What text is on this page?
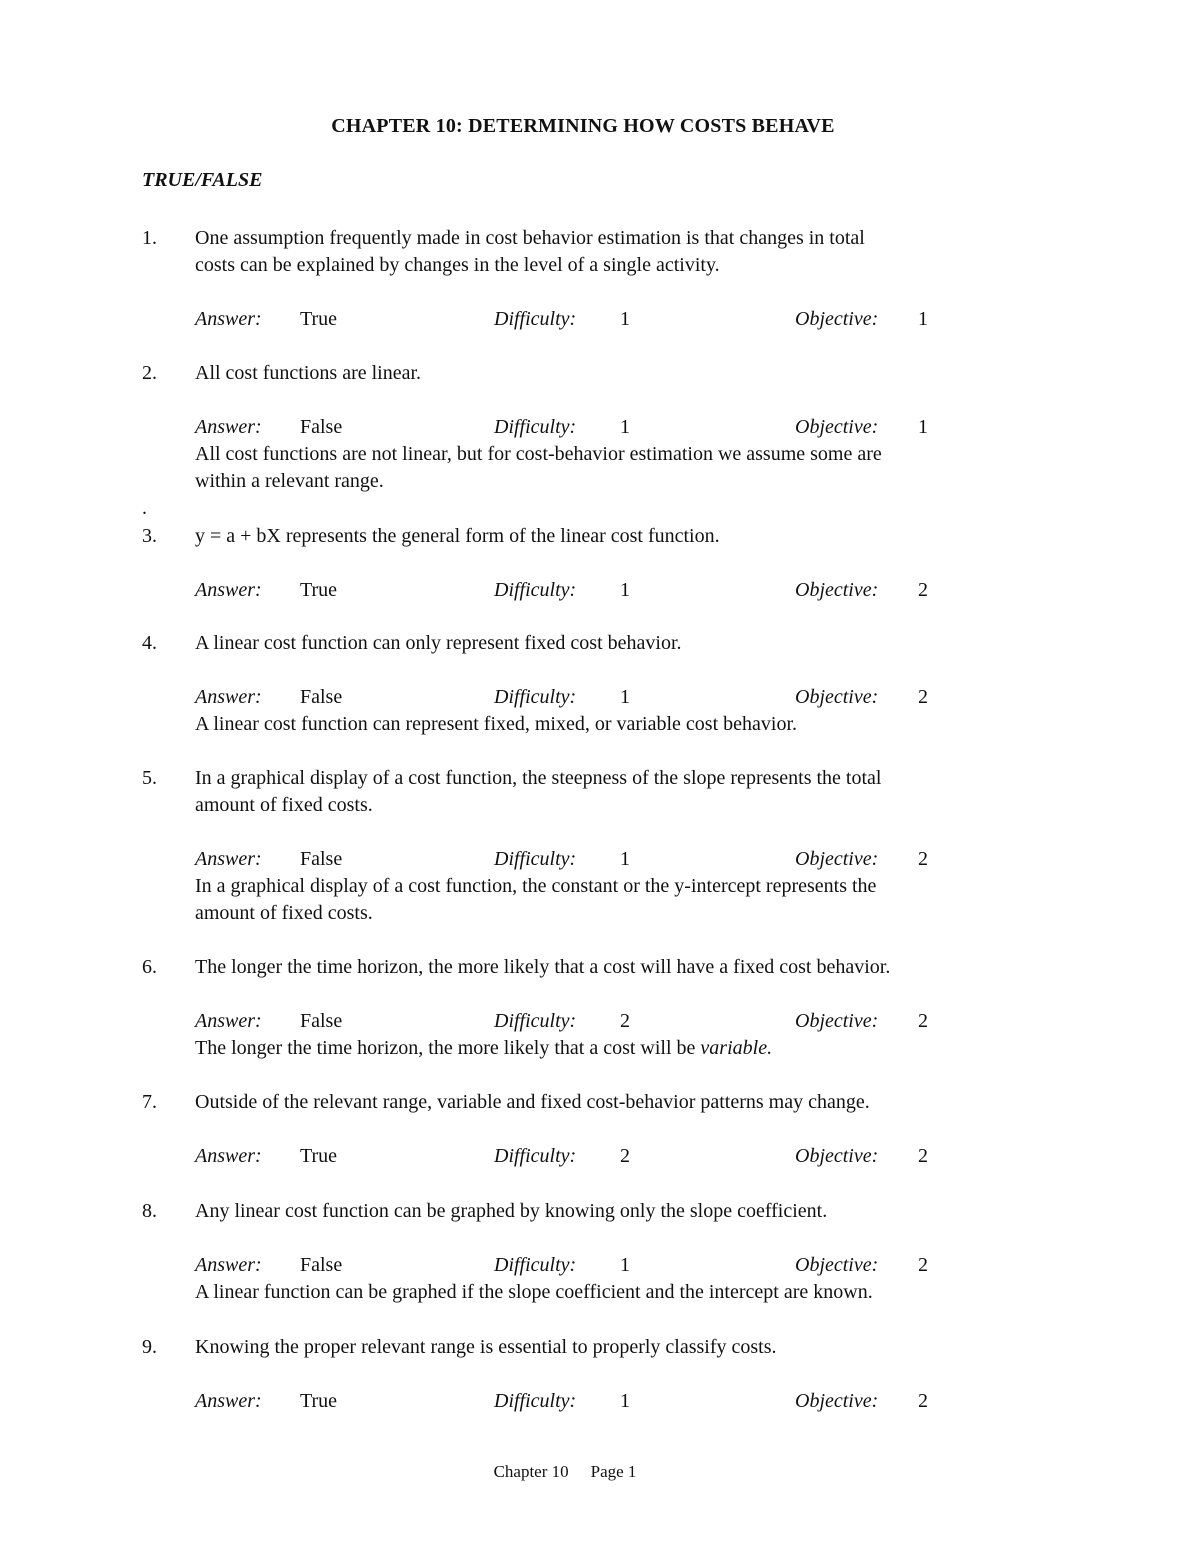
CHAPTER 10: DETERMINING HOW COSTS BEHAVE
TRUE/FALSE
1. One assumption frequently made in cost behavior estimation is that changes in total
costs can be explained by changes in the level of a single activity.
Answer: True	Difficulty: 1	Objective: 1
2. All cost functions are linear.
Answer: False	Difficulty: 1	Objective: 1
All cost functions are not linear, but for cost-behavior estimation we assume some are
within a relevant range.
.
3. y = a + bX represents the general form of the linear cost function.
Answer: True	Difficulty: 1	Objective: 2
4. A linear cost function can only represent fixed cost behavior.
Answer: False	Difficulty: 1	Objective: 2
A linear cost function can represent fixed, mixed, or variable cost behavior.
5. In a graphical display of a cost function, the steepness of the slope represents the total
amount of fixed costs.
Answer: False	Difficulty: 1	Objective: 2
In a graphical display of a cost function, the constant or the y-intercept represents the
amount of fixed costs.
6. The longer the time horizon, the more likely that a cost will have a fixed cost behavior.
Answer: False	Difficulty: 2	Objective: 2
The longer the time horizon, the more likely that a cost will be variable.
7. Outside of the relevant range, variable and fixed cost-behavior patterns may change.
Answer: True	Difficulty: 2	Objective: 2
8. Any linear cost function can be graphed by knowing only the slope coefficient.
Answer: False	Difficulty: 1	Objective: 2
A linear function can be graphed if the slope coefficient and the intercept are known.
9. Knowing the proper relevant range is essential to properly classify costs.
Answer: True	Difficulty: 1	Objective: 2
Chapter 10 Page 1
